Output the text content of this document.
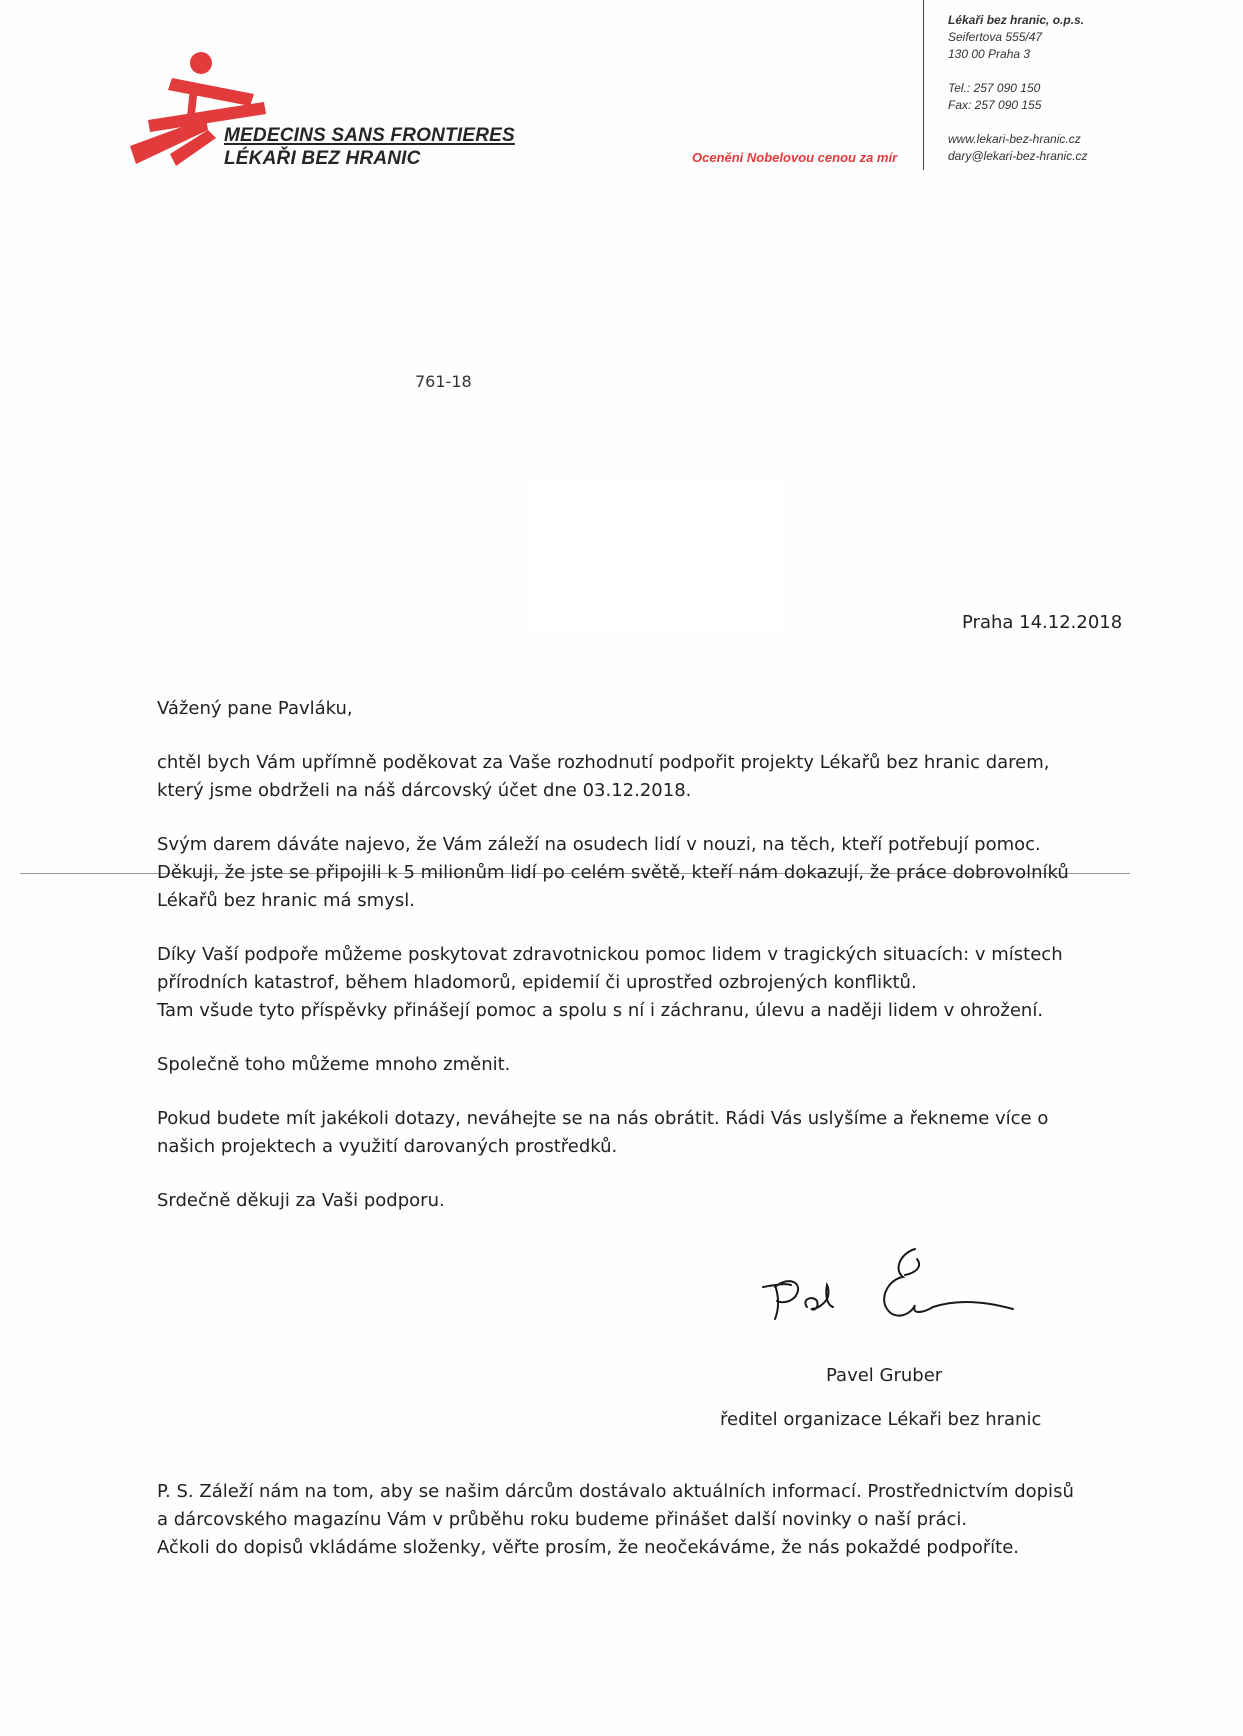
MEDECINS SANS FRONTIERES
LÉKAŘI BEZ HRANIC	Oceněni Nobelovou cenou za mír
Lékaři bez hranic, o.p.s.
Seifertova 555/47
130 00 Praha 3
Tel.: 257 090 150
Fax: 257 090 155
www.lekari-bez-hranic.cz
dary@lekari-bez-hranic.cz
761-18
Praha 14.12.2018

Vážený pane Pavláku,

chtěl bych Vám upřímně poděkovat za Vaše rozhodnutí podpořit projekty Lékařů bez hranic darem,
který jsme obdrželi na náš dárcovský účet dne 03.12.2018.

Svým darem dáváte najevo, že Vám záleží na osudech lidí v nouzi, na těch, kteří potřebují pomoc.
Děkuji, že jste se připojili k 5 milionům lidí po celém světě, kteří nám dokazují, že práce dobrovolníků
Lékařů bez hranic má smysl.

Díky Vaší podpoře můžeme poskytovat zdravotnickou pomoc lidem v tragických situacích: v místech
přírodních katastrof, během hladomorů, epidemií či uprostřed ozbrojených konfliktů.
Tam všude tyto příspěvky přinášejí pomoc a spolu s ní i záchranu, úlevu a naději lidem v ohrožení.

Společně toho můžeme mnoho změnit.

Pokud budete mít jakékoli dotazy, neváhejte se na nás obrátit. Rádi Vás uslyšíme a řekneme více o
našich projektech a využití darovaných prostředků.

Srdečně děkuji za Vaši podporu.

Pavel Gruber
ředitel organizace Lékaři bez hranic
P. S. Záleží nám na tom, aby se našim dárcům dostávalo aktuálních informací. Prostřednictvím dopisů
a dárcovského magazínu Vám v průběhu roku budeme přinášet další novinky o naší práci.
Ačkoli do dopisů vkládáme složenky, věřte prosím, že neočekáváme, že nás pokaždé podpoříte.
